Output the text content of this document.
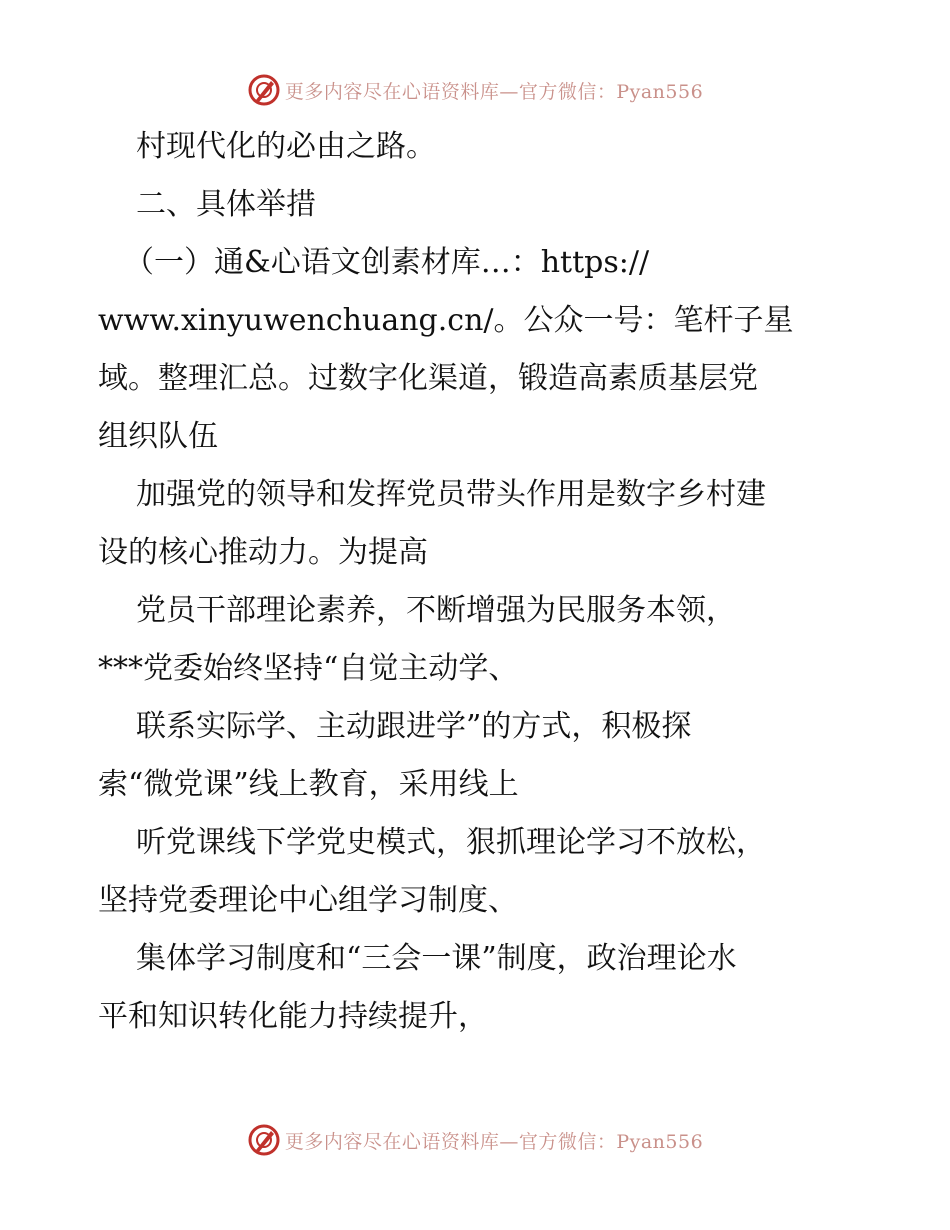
更多内容尽在心语资料库—官方微信：Pyan556
村现代化的必由之路。
二、具体举措
（一）通&心语文创素材库…：https://
www.xinyuwenchuang.cn/。公众一号：笔杆子星
域。整理汇总。过数字化渠道，锻造高素质基层党
组织队伍
加强党的领导和发挥党员带头作用是数字乡村建
设的核心推动力。为提高
党员干部理论素养，不断增强为民服务本领，
***党委始终坚持“自觉主动学、
联系实际学、主动跟进学”的方式，积极探
索“微党课”线上教育，采用线上
听党课线下学党史模式，狠抓理论学习不放松，
坚持党委理论中心组学习制度、
集体学习制度和“三会一课”制度，政治理论水
平和知识转化能力持续提升，
更多内容尽在心语资料库—官方微信：Pyan556
